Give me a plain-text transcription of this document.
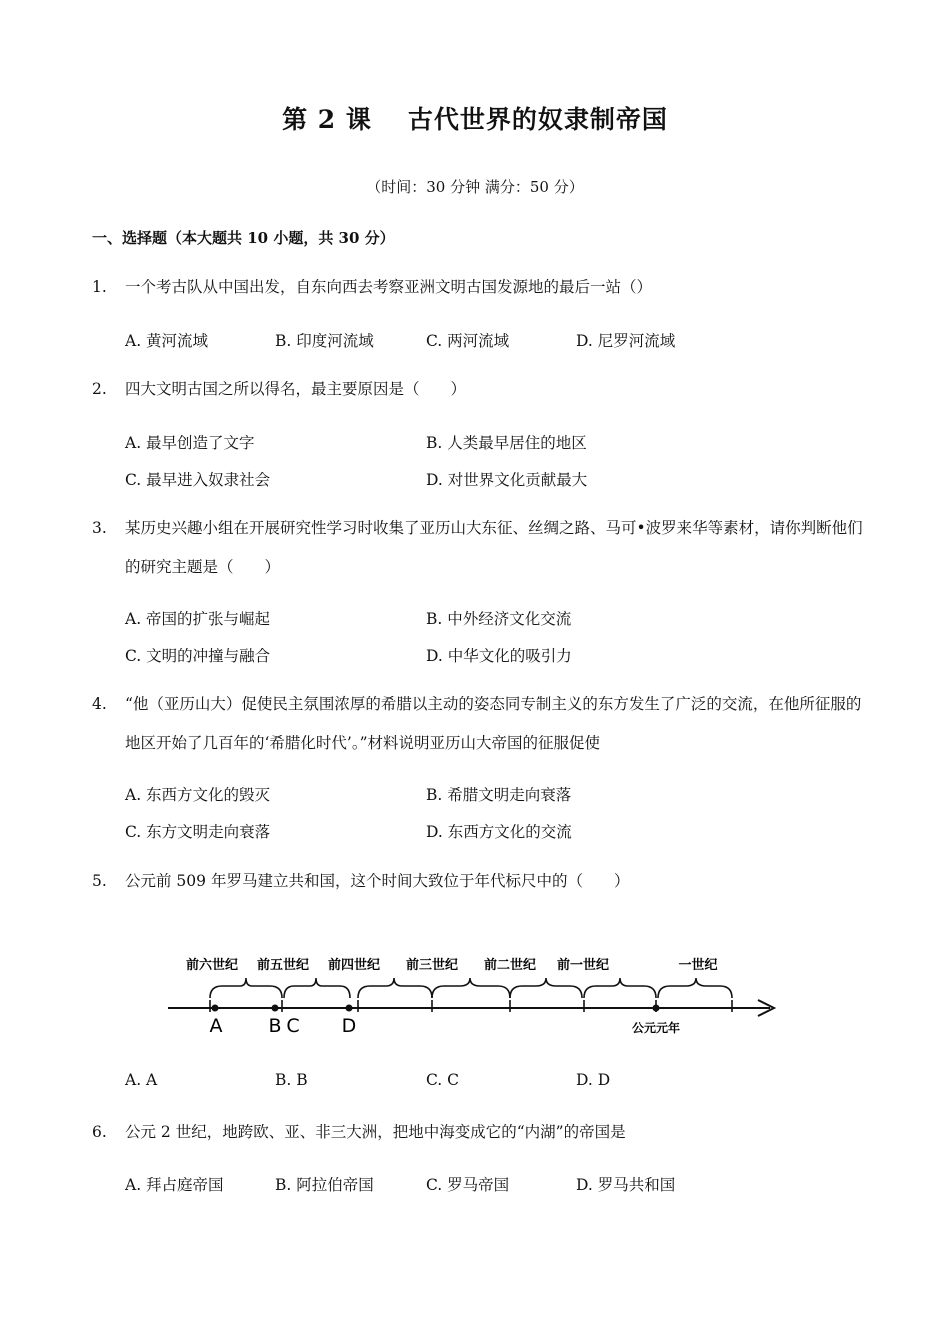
第 2 课 古代世界的奴隶制帝国
（时间：30 分钟 满分：50 分）
一、选择题（本大题共 10 小题，共 30 分）
1.	一个考古队从中国出发，自东向西去考察亚洲文明古国发源地的最后一站（）
A. 黄河流域	B. 印度河流域	C. 两河流域	D. 尼罗河流域
2.	四大文明古国之所以得名，最主要原因是（　　）
A. 最早创造了文字	B. 人类最早居住的地区
C. 最早进入奴隶社会	D. 对世界文化贡献最大
3.	某历史兴趣小组在开展研究性学习时收集了亚历山大东征、丝绸之路、马可•波罗来华等素材，请你判断他们的研究主题是（　　）
A. 帝国的扩张与崛起	B. 中外经济文化交流
C. 文明的冲撞与融合	D. 中华文化的吸引力
4.	“他（亚历山大）促使民主氛围浓厚的希腊以主动的姿态同专制主义的东方发生了广泛的交流，在他所征服的地区开始了几百年的‘希腊化时代’。”材料说明亚历山大帝国的征服促使
A. 东西方文化的毁灭	B. 希腊文明走向衰落
C. 东方文明走向衰落	D. 东西方文化的交流
5.	公元前 509 年罗马建立共和国，这个时间大致位于年代标尺中的（　　）
前六世纪 前五世纪 前四世纪 前三世纪 前二世纪 前一世纪	一世纪
A B C D	公元元年
A. A	B. B	C. C	D. D
6.	公元 2 世纪，地跨欧、亚、非三大洲，把地中海变成它的“内湖”的帝国是
A. 拜占庭帝国	B. 阿拉伯帝国	C. 罗马帝国	D. 罗马共和国
